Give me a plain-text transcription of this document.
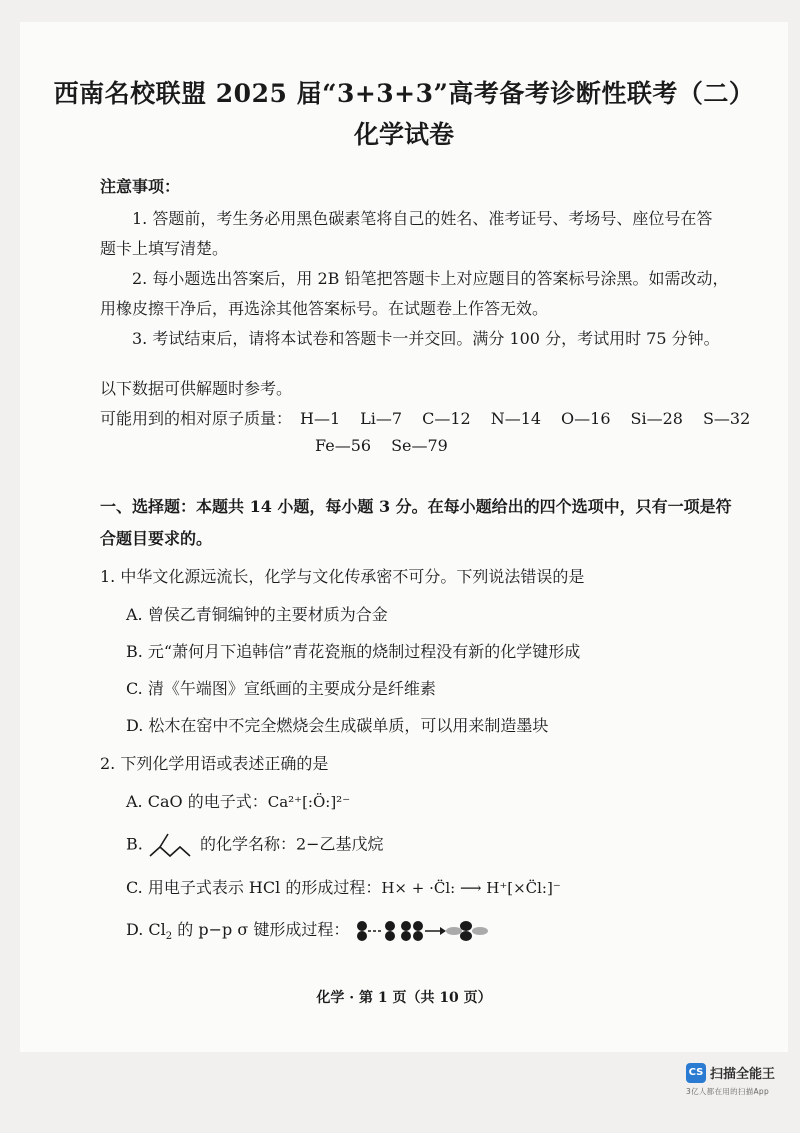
西南名校联盟 2025 届“3+3+3”高考备考诊断性联考（二）
化学试卷
注意事项：
1. 答题前，考生务必用黑色碳素笔将自己的姓名、准考证号、考场号、座位号在答
题卡上填写清楚。
2. 每小题选出答案后，用 2B 铅笔把答题卡上对应题目的答案标号涂黑。如需改动，
用橡皮擦干净后，再选涂其他答案标号。在试题卷上作答无效。
3. 考试结束后，请将本试卷和答题卡一并交回。满分 100 分，考试用时 75 分钟。
以下数据可供解题时参考。
可能用到的相对原子质量： H—1 Li—7 C—12 N—14 O—16 Si—28 S—32
Fe—56 Se—79
一、选择题：本题共 14 小题，每小题 3 分。在每小题给出的四个选项中，只有一项是符
合题目要求的。
1. 中华文化源远流长，化学与文化传承密不可分。下列说法错误的是
A. 曾侯乙青铜编钟的主要材质为合金
B. 元“萧何月下追韩信”青花瓷瓶的烧制过程没有新的化学键形成
C. 清《午端图》宣纸画的主要成分是纤维素
D. 松木在窑中不完全燃烧会生成碳单质，可以用来制造墨块
2. 下列化学用语或表述正确的是
A. CaO 的电子式：Ca²⁺[:Ö:]²⁻
B.	的化学名称：2−乙基戊烷
C. 用电子式表示 HCl 的形成过程：H× + ·C̈l: ⟶ H⁺[×C̈l:]⁻
D. $Cl_2$ 的 p−p σ 键形成过程：
化学 · 第 1 页（共 10 页）
CS 扫描全能王
3亿人都在用的扫描App
